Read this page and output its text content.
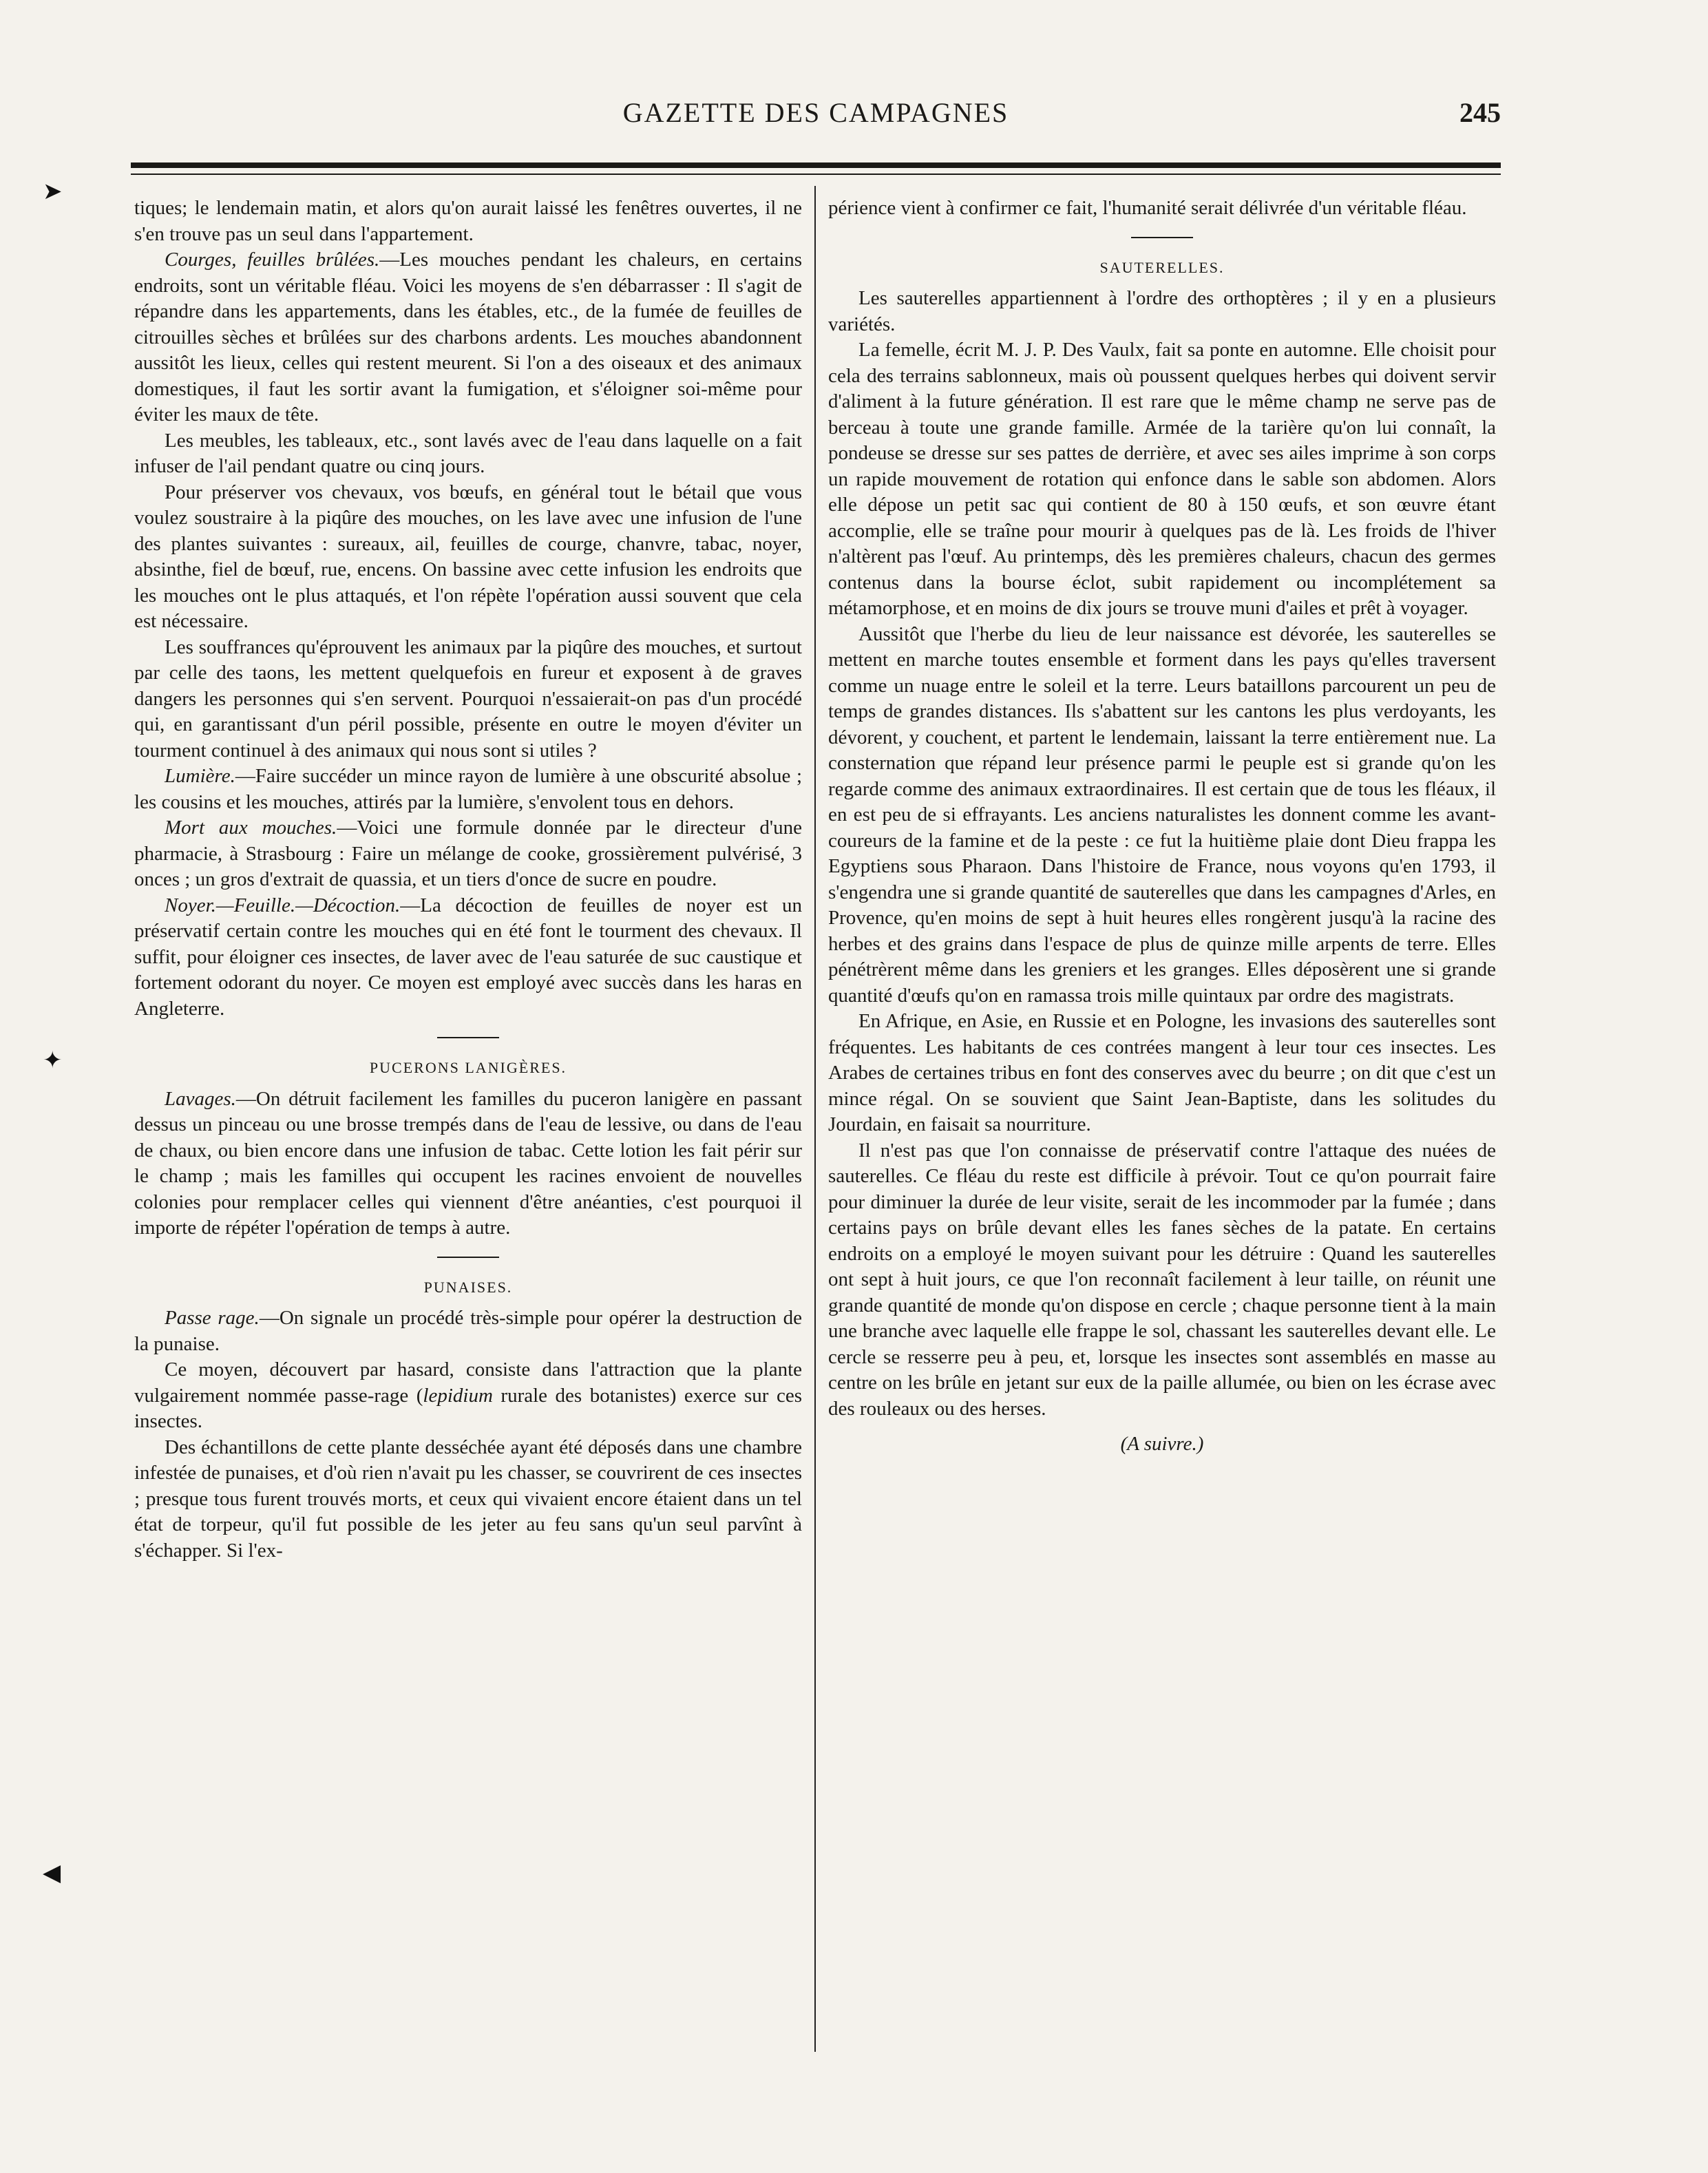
GAZETTE DES CAMPAGNES	245
➤
✦
◀

tiques; le lendemain matin, et alors qu'on aurait laissé les fenêtres ouvertes, il ne s'en trouve pas un seul dans l'appartement.

Courges, feuilles brûlées.—Les mouches pendant les chaleurs, en certains endroits, sont un véritable fléau. Voici les moyens de s'en débarrasser : Il s'agit de répandre dans les appartements, dans les étables, etc., de la fumée de feuilles de citrouilles sèches et brûlées sur des charbons ardents. Les mouches abandonnent aussitôt les lieux, celles qui restent meurent. Si l'on a des oiseaux et des animaux domestiques, il faut les sortir avant la fumigation, et s'éloigner soi-même pour éviter les maux de tête.

Les meubles, les tableaux, etc., sont lavés avec de l'eau dans laquelle on a fait infuser de l'ail pendant quatre ou cinq jours.

Pour préserver vos chevaux, vos bœufs, en général tout le bétail que vous voulez soustraire à la piqûre des mouches, on les lave avec une infusion de l'une des plantes suivantes : sureaux, ail, feuilles de courge, chanvre, tabac, noyer, absinthe, fiel de bœuf, rue, encens. On bassine avec cette infusion les endroits que les mouches ont le plus attaqués, et l'on répète l'opération aussi souvent que cela est nécessaire.

Les souffrances qu'éprouvent les animaux par la piqûre des mouches, et surtout par celle des taons, les mettent quelquefois en fureur et exposent à de graves dangers les personnes qui s'en servent. Pourquoi n'essaierait-on pas d'un procédé qui, en garantissant d'un péril possible, présente en outre le moyen d'éviter un tourment continuel à des animaux qui nous sont si utiles ?

Lumière.—Faire succéder un mince rayon de lumière à une obscurité absolue ; les cousins et les mouches, attirés par la lumière, s'envolent tous en dehors.

Mort aux mouches.—Voici une formule donnée par le directeur d'une pharmacie, à Strasbourg : Faire un mélange de cooke, grossièrement pulvérisé, 3 onces ; un gros d'extrait de quassia, et un tiers d'once de sucre en poudre.

Noyer.—Feuille.—Décoction.—La décoction de feuilles de noyer est un préservatif certain contre les mouches qui en été font le tourment des chevaux. Il suffit, pour éloigner ces insectes, de laver avec de l'eau saturée de suc caustique et fortement odorant du noyer. Ce moyen est employé avec succès dans les haras en Angleterre.

PUCERONS LANIGÈRES.

Lavages.—On détruit facilement les familles du puceron lanigère en passant dessus un pinceau ou une brosse trempés dans de l'eau de lessive, ou dans de l'eau de chaux, ou bien encore dans une infusion de tabac. Cette lotion les fait périr sur le champ ; mais les familles qui occupent les racines envoient de nouvelles colonies pour remplacer celles qui viennent d'être anéanties, c'est pourquoi il importe de répéter l'opération de temps à autre.

PUNAISES.

Passe rage.—On signale un procédé très-simple pour opérer la destruction de la punaise.

Ce moyen, découvert par hasard, consiste dans l'attraction que la plante vulgairement nommée passe-rage (lepidium rurale des botanistes) exerce sur ces insectes.

Des échantillons de cette plante desséchée ayant été déposés dans une chambre infestée de punaises, et d'où rien n'avait pu les chasser, se couvrirent de ces insectes ; presque tous furent trouvés morts, et ceux qui vivaient encore étaient dans un tel état de torpeur, qu'il fut possible de les jeter au feu sans qu'un seul parvînt à s'échapper. Si l'ex-

périence vient à confirmer ce fait, l'humanité serait délivrée d'un véritable fléau.

SAUTERELLES.

Les sauterelles appartiennent à l'ordre des orthoptères ; il y en a plusieurs variétés.

La femelle, écrit M. J. P. Des Vaulx, fait sa ponte en automne. Elle choisit pour cela des terrains sablonneux, mais où poussent quelques herbes qui doivent servir d'aliment à la future génération. Il est rare que le même champ ne serve pas de berceau à toute une grande famille. Armée de la tarière qu'on lui connaît, la pondeuse se dresse sur ses pattes de derrière, et avec ses ailes imprime à son corps un rapide mouvement de rotation qui enfonce dans le sable son abdomen. Alors elle dépose un petit sac qui contient de 80 à 150 œufs, et son œuvre étant accomplie, elle se traîne pour mourir à quelques pas de là. Les froids de l'hiver n'altèrent pas l'œuf. Au printemps, dès les premières chaleurs, chacun des germes contenus dans la bourse éclot, subit rapidement ou incomplétement sa métamorphose, et en moins de dix jours se trouve muni d'ailes et prêt à voyager.

Aussitôt que l'herbe du lieu de leur naissance est dévorée, les sauterelles se mettent en marche toutes ensemble et forment dans les pays qu'elles traversent comme un nuage entre le soleil et la terre. Leurs bataillons parcourent un peu de temps de grandes distances. Ils s'abattent sur les cantons les plus verdoyants, les dévorent, y couchent, et partent le lendemain, laissant la terre entièrement nue. La consternation que répand leur présence parmi le peuple est si grande qu'on les regarde comme des animaux extraordinaires. Il est certain que de tous les fléaux, il en est peu de si effrayants. Les anciens naturalistes les donnent comme les avant-coureurs de la famine et de la peste : ce fut la huitième plaie dont Dieu frappa les Egyptiens sous Pharaon. Dans l'histoire de France, nous voyons qu'en 1793, il s'engendra une si grande quantité de sauterelles que dans les campagnes d'Arles, en Provence, qu'en moins de sept à huit heures elles rongèrent jusqu'à la racine des herbes et des grains dans l'espace de plus de quinze mille arpents de terre. Elles pénétrèrent même dans les greniers et les granges. Elles déposèrent une si grande quantité d'œufs qu'on en ramassa trois mille quintaux par ordre des magistrats.

En Afrique, en Asie, en Russie et en Pologne, les invasions des sauterelles sont fréquentes. Les habitants de ces contrées mangent à leur tour ces insectes. Les Arabes de certaines tribus en font des conserves avec du beurre ; on dit que c'est un mince régal. On se souvient que Saint Jean-Baptiste, dans les solitudes du Jourdain, en faisait sa nourriture.

Il n'est pas que l'on connaisse de préservatif contre l'attaque des nuées de sauterelles. Ce fléau du reste est difficile à prévoir. Tout ce qu'on pourrait faire pour diminuer la durée de leur visite, serait de les incommoder par la fumée ; dans certains pays on brûle devant elles les fanes sèches de la patate. En certains endroits on a employé le moyen suivant pour les détruire : Quand les sauterelles ont sept à huit jours, ce que l'on reconnaît facilement à leur taille, on réunit une grande quantité de monde qu'on dispose en cercle ; chaque personne tient à la main une branche avec laquelle elle frappe le sol, chassant les sauterelles devant elle. Le cercle se resserre peu à peu, et, lorsque les insectes sont assemblés en masse au centre on les brûle en jetant sur eux de la paille allumée, ou bien on les écrase avec des rouleaux ou des herses.

(A suivre.)
